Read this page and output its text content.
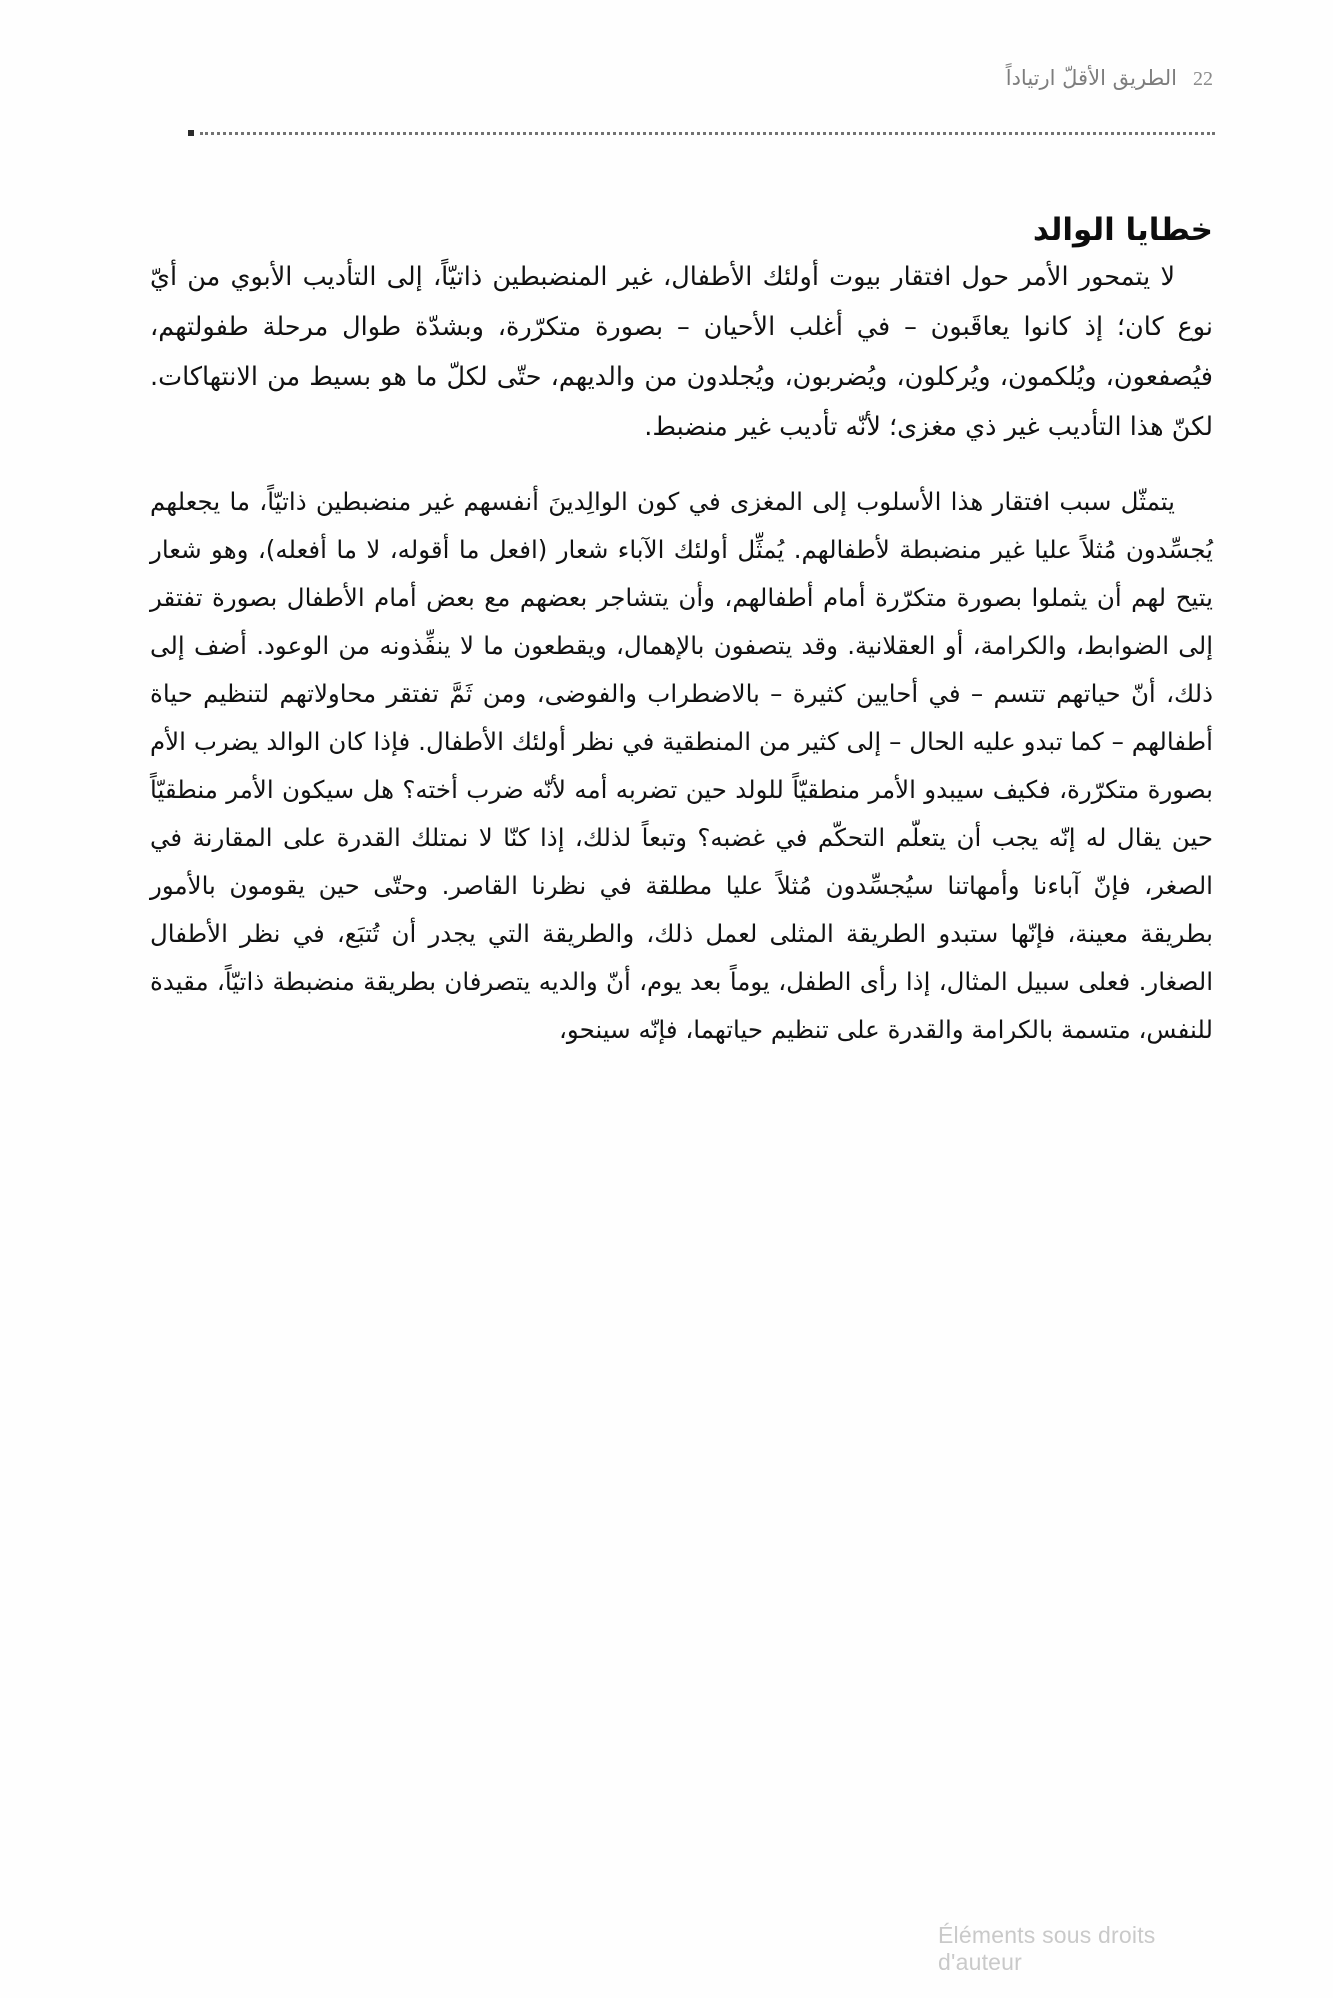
22
الطريق الأقلّ ارتياداً
خطايا الوالد

لا يتمحور الأمر حول افتقار بيوت أولئك الأطفال، غير المنضبطين ذاتيّاً، إلى التأديب الأبوي من أيّ نوع كان؛ إذ كانوا يعاقَبون – في أغلب الأحيان – بصورة متكرّرة، وبشدّة طوال مرحلة طفولتهم، فيُصفعون، ويُلكمون، ويُركلون، ويُضربون، ويُجلدون من والديهم، حتّى لكلّ ما هو بسيط من الانتهاكات. لكنّ هذا التأديب غير ذي مغزى؛ لأنّه تأديب غير منضبط.

يتمثّل سبب افتقار هذا الأسلوب إلى المغزى في كون الوالِدينَ أنفسهم غير منضبطين ذاتيّاً، ما يجعلهم يُجسِّدون مُثلاً عليا غير منضبطة لأطفالهم. يُمثِّل أولئك الآباء شعار (افعل ما أقوله، لا ما أفعله)، وهو شعار يتيح لهم أن يثملوا بصورة متكرّرة أمام أطفالهم، وأن يتشاجر بعضهم مع بعض أمام الأطفال بصورة تفتقر إلى الضوابط، والكرامة، أو العقلانية. وقد يتصفون بالإهمال، ويقطعون ما لا ينفِّذونه من الوعود. أضف إلى ذلك، أنّ حياتهم تتسم – في أحايين كثيرة – بالاضطراب والفوضى، ومن ثَمَّ تفتقر محاولاتهم لتنظيم حياة أطفالهم – كما تبدو عليه الحال – إلى كثير من المنطقية في نظر أولئك الأطفال. فإذا كان الوالد يضرب الأم بصورة متكرّرة، فكيف سيبدو الأمر منطقيّاً للولد حين تضربه أمه لأنّه ضرب أخته؟ هل سيكون الأمر منطقيّاً حين يقال له إنّه يجب أن يتعلّم التحكّم في غضبه؟ وتبعاً لذلك، إذا كنّا لا نمتلك القدرة على المقارنة في الصغر، فإنّ آباءنا وأمهاتنا سيُجسِّدون مُثلاً عليا مطلقة في نظرنا القاصر. وحتّى حين يقومون بالأمور بطريقة معينة، فإنّها ستبدو الطريقة المثلى لعمل ذلك، والطريقة التي يجدر أن تُتبَع، في نظر الأطفال الصغار. فعلى سبيل المثال، إذا رأى الطفل، يوماً بعد يوم، أنّ والديه يتصرفان بطريقة منضبطة ذاتيّاً، مقيدة للنفس، متسمة بالكرامة والقدرة على تنظيم حياتهما، فإنّه سينحو،

Éléments sous droits d'auteur
